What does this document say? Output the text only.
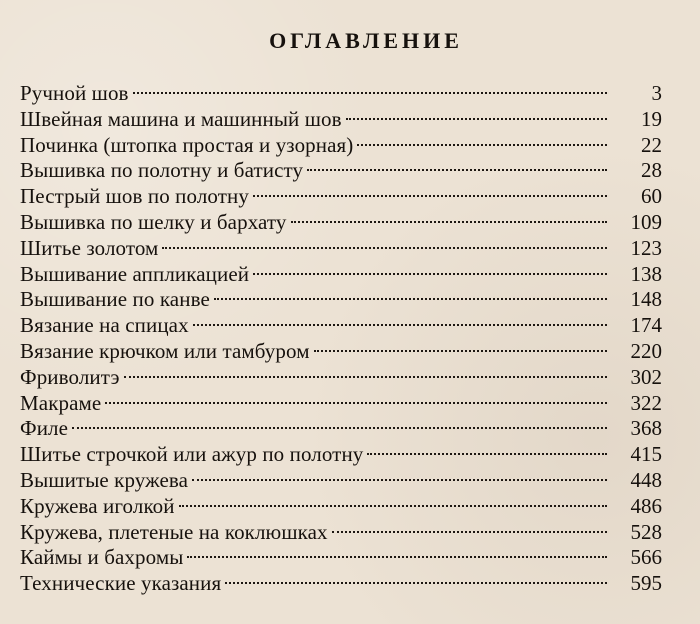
ОГЛАВЛЕНИЕ
Ручной шов	3
Швейная машина и машинный шов	19
Починка (штопка простая и узорная)	22
Вышивка по полотну и батисту	28
Пестрый шов по полотну	60
Вышивка по шелку и бархату	109
Шитье золотом	123
Вышивание аппликацией	138
Вышивание по канве	148
Вязание на спицах	174
Вязание крючком или тамбуром	220
Фриволитэ	302
Макраме	322
Филе	368
Шитье строчкой или ажур по полотну	415
Вышитые кружева	448
Кружева иголкой	486
Кружева, плетеные на коклюшках	528
Каймы и бахромы	566
Технические указания	595
